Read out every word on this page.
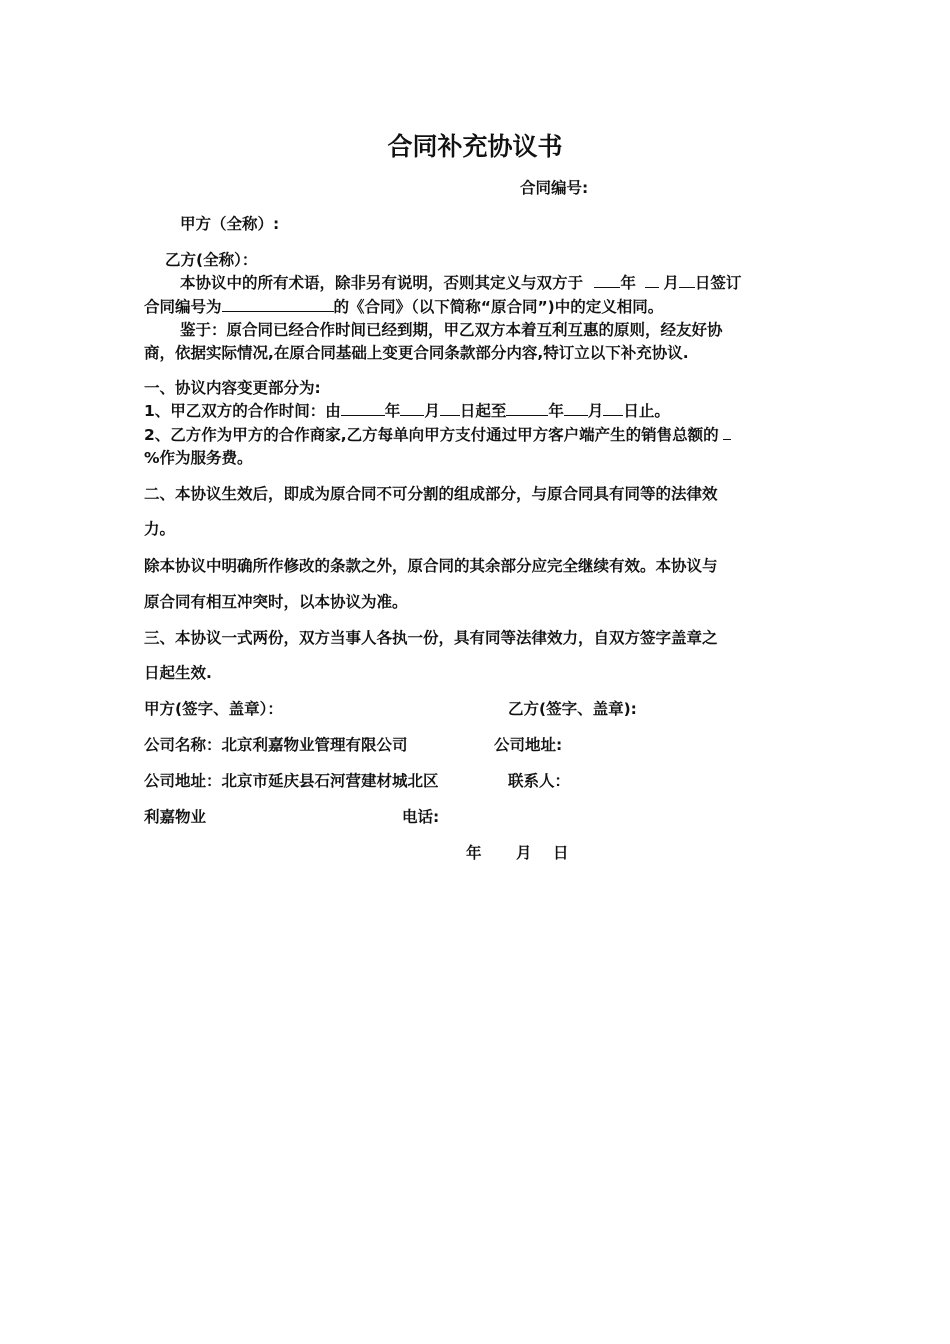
合同补充协议书
合同编号:
甲方（全称）:
乙方(全称）：
本协议中的所有术语，除非另有说明，否则其定义与双方于 年 月 日签订
合同编号为	的《合同》（以下简称“原合同”)中的定义相同。
鉴于：原合同已经合作时间已经到期，甲乙双方本着互利互惠的原则，经友好协
商，依据实际情况,在原合同基础上变更合同条款部分内容,特订立以下补充协议.
一、协议内容变更部分为:
1、甲乙双方的合作时间：由	年 月 日起至	年 月 日止。
2、乙方作为甲方的合作商家,乙方每单向甲方支付通过甲方客户端产生的销售总额的
%作为服务费。
二、本协议生效后，即成为原合同不可分割的组成部分，与原合同具有同等的法律效
力。
除本协议中明确所作修改的条款之外，原合同的其余部分应完全继续有效。本协议与
原合同有相互冲突时，以本协议为准。
三、本协议一式两份，双方当事人各执一份，具有同等法律效力，自双方签字盖章之
日起生效.
甲方(签字、盖章）：	乙方(签字、盖章):
公司名称：北京利嘉物业管理有限公司	公司地址:
公司地址：北京市延庆县石河营建材城北区	联系人：
利嘉物业	电话:
年 月 日
